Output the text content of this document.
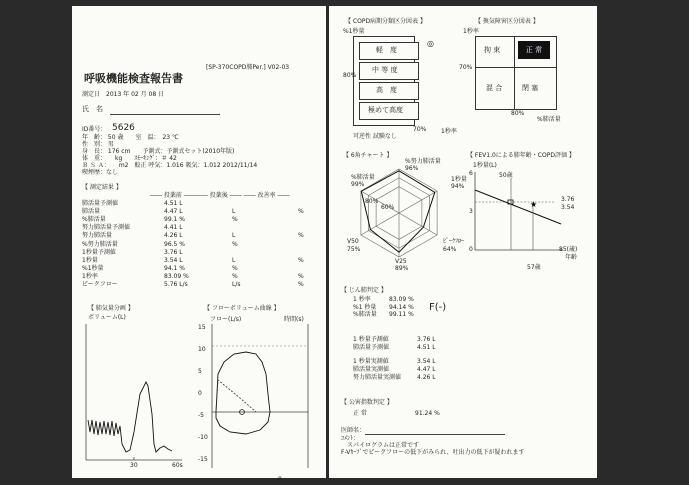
[SP-370COPD肺Per.] V02-03
呼吸機能検査報告書
測定日 2013 年 02 月 08 日
氏　名
ID番号： 5626
年　齢： 50 歳　　室　温：　23 ℃
性　別： 男
身　長： 176 cm　　予測式：予測式セット(2010年版)
体　重：　　kg　　ｽﾓｰｷﾝｸﾞ：＃ 42
Ｂ Ｓ Ａ：　　m2　較正 呼気：1.016 吸気：1.012 2012/11/14
喫煙歴：なし
【 測定結果 】
―― 投薬前 ―――― 投薬後 ―― ―― 改善率 ――
肺活量予測値	4.51 L
肺活量	4.47 L	L	%
%肺活量	99.1 %	%
努力肺活量予測値	4.41 L
努力肺活量	4.26 L	L	%
%努力肺活量	96.5 %	%
1秒量予測値	3.76 L
1秒量	3.54 L	L	%
%1秒量	94.1 %	%
1秒率	83.09 %	%	%
ピークフロー	5.76 L/s	L/s	%
【 肺気量分画 】
ボリューム(L)
30	60s
【 フローボリューム曲線 】
フロー(L/s)	時間(s)
15
10
5
0
-5
-10
-15
8
【 COPD病期分類区分図表 】
%1秒量
80%
軽　度
中 等 度
高　度
極めて高度
◎
70% 1秒率
可逆性 試験なし
【 換気障害区分図表 】
1秒率
70%
拘 束	正 常
混 合	閉 塞
80%
%肺活量
【 6角チャート 】
%努力肺活量
96%
1秒量
94%
ﾋﾟｰｸﾌﾛｰ
64%
V25
89%
V50
75%
%肺活量
99%
80%
60%
【 FEV1.0による肺年齢・COPD評価 】
1秒量(L)
6
3
0
50歳
3.76
3.54
★
85(歳)
年齢
57歳
【 じん肺判定 】
1 秒率	83.09 %
%1 秒量 94.14 %
%肺活量 99.11 %
F(-)
1 秒量予測値	3.76 L
肺活量予測値	4.51 L
1 秒量実測値	3.54 L
肺活量実測値	4.47 L
努力肺活量実測値	4.26 L
【 公害指数判定 】
正 常	91.24 %
医師名：
ｺﾒﾝﾄ：
スパイログラムは正常です
F-Vｶｰﾌﾞでピークフローの低下がみられ、吐出力の低下が疑われます
